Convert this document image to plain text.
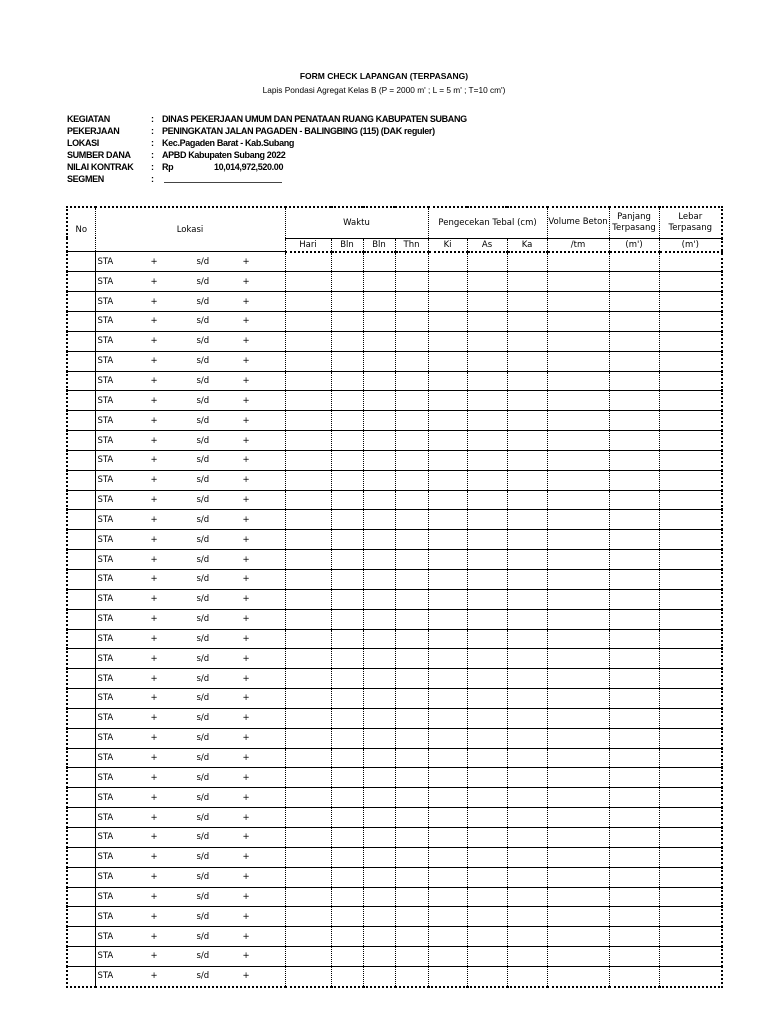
FORM CHECK LAPANGAN (TERPASANG)
Lapis Pondasi Agregat Kelas B (P = 2000 m' ; L = 5 m' ; T=10 cm')
KEGIATAN	: DINAS PEKERJAAN UMUM DAN PENATAAN RUANG KABUPATEN SUBANG
PEKERJAAN	: PENINGKATAN JALAN PAGADEN - BALINGBING (115) (DAK reguler)
LOKASI	: Kec.Pagaden Barat - Kab.Subang
SUMBER DANA	: APBD Kabupaten Subang 2022
NILAI KONTRAK	: Rp	10,014,972,520.00
SEGMEN	:
No	Lokasi	Waktu				Pengecekan Tebal (cm)			Volume Beton	Panjang Terpasang	Lebar Terpasang
		Hari	Bln	Bln	Thn	Ki	As	Ka	/tm	(m')	(m')
	STA + s/d +										
	STA + s/d +										
	STA + s/d +										
	STA + s/d +										
	STA + s/d +										
	STA + s/d +										
	STA + s/d +										
	STA + s/d +										
	STA + s/d +										
	STA + s/d +										
	STA + s/d +										
	STA + s/d +										
	STA + s/d +										
	STA + s/d +										
	STA + s/d +										
	STA + s/d +										
	STA + s/d +										
	STA + s/d +										
	STA + s/d +										
	STA + s/d +										
	STA + s/d +										
	STA + s/d +										
	STA + s/d +										
	STA + s/d +										
	STA + s/d +										
	STA + s/d +										
	STA + s/d +										
	STA + s/d +										
	STA + s/d +										
	STA + s/d +										
	STA + s/d +										
	STA + s/d +										
	STA + s/d +										
	STA + s/d +										
	STA + s/d +										
	STA + s/d +										
	STA + s/d +										
